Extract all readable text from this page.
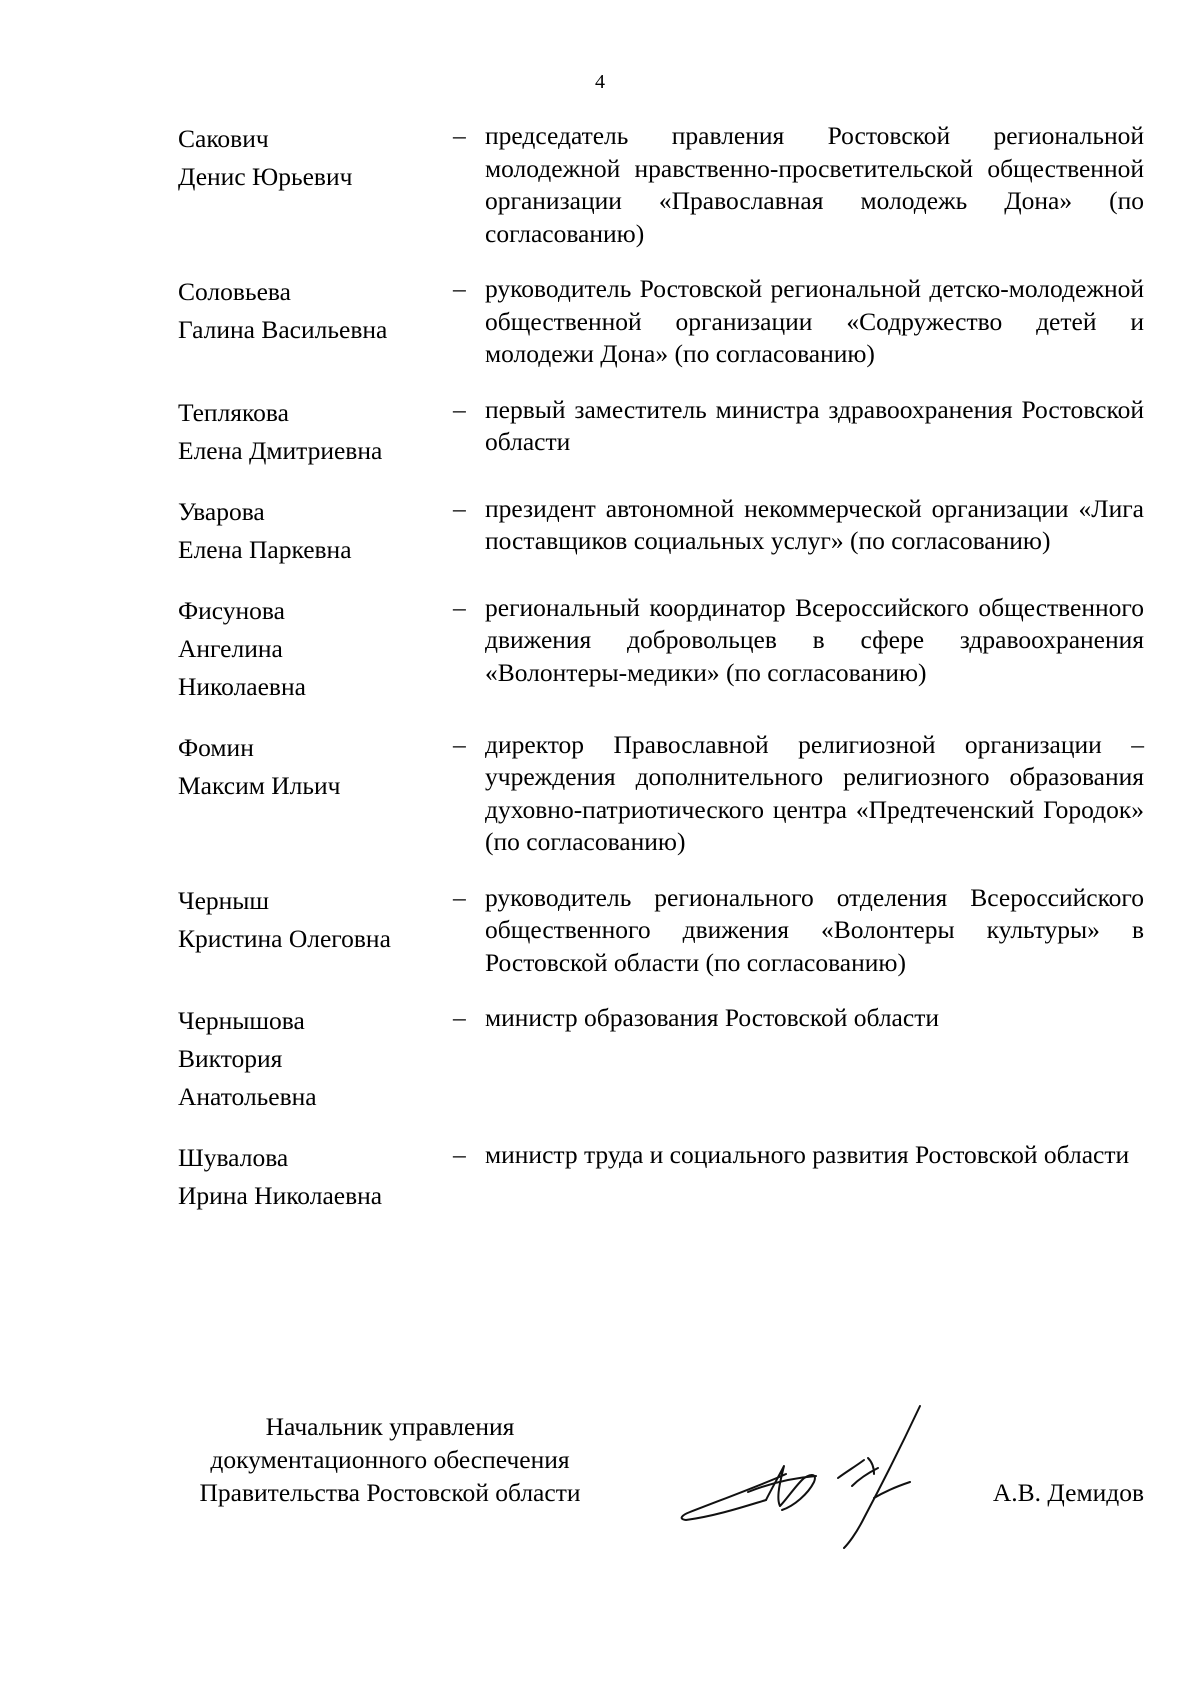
4
Сакович
Денис Юрьевич
– председатель правления Ростовской региональной молодежной нравственно-просветительской общественной организации «Православная молодежь Дона» (по согласованию)
Соловьева
Галина Васильевна
– руководитель Ростовской региональной детско-молодежной общественной организации «Содружество детей и молодежи Дона» (по согласованию)
Теплякова
Елена Дмитриевна
– первый заместитель министра здравоохранения Ростовской области
Уварова
Елена Паркевна
– президент автономной некоммерческой организации «Лига поставщиков социальных услуг» (по согласованию)
Фисунова
Ангелина
Николаевна
– региональный координатор Всероссийского общественного движения добровольцев в сфере здравоохранения «Волонтеры-медики» (по согласованию)
Фомин
Максим Ильич
– директор Православной религиозной организации – учреждения дополнительного религиозного образования духовно-патриотического центра «Предтеченский Городок» (по согласованию)
Черныш
Кристина Олеговна
– руководитель регионального отделения Всероссийского общественного движения «Волонтеры культуры» в Ростовской области (по согласованию)
Чернышова
Виктория
Анатольевна
– министр образования Ростовской области
Шувалова
Ирина Николаевна
– министр труда и социального развития Ростовской области
Начальник управления
документационного обеспечения
Правительства Ростовской области	А.В. Демидов
